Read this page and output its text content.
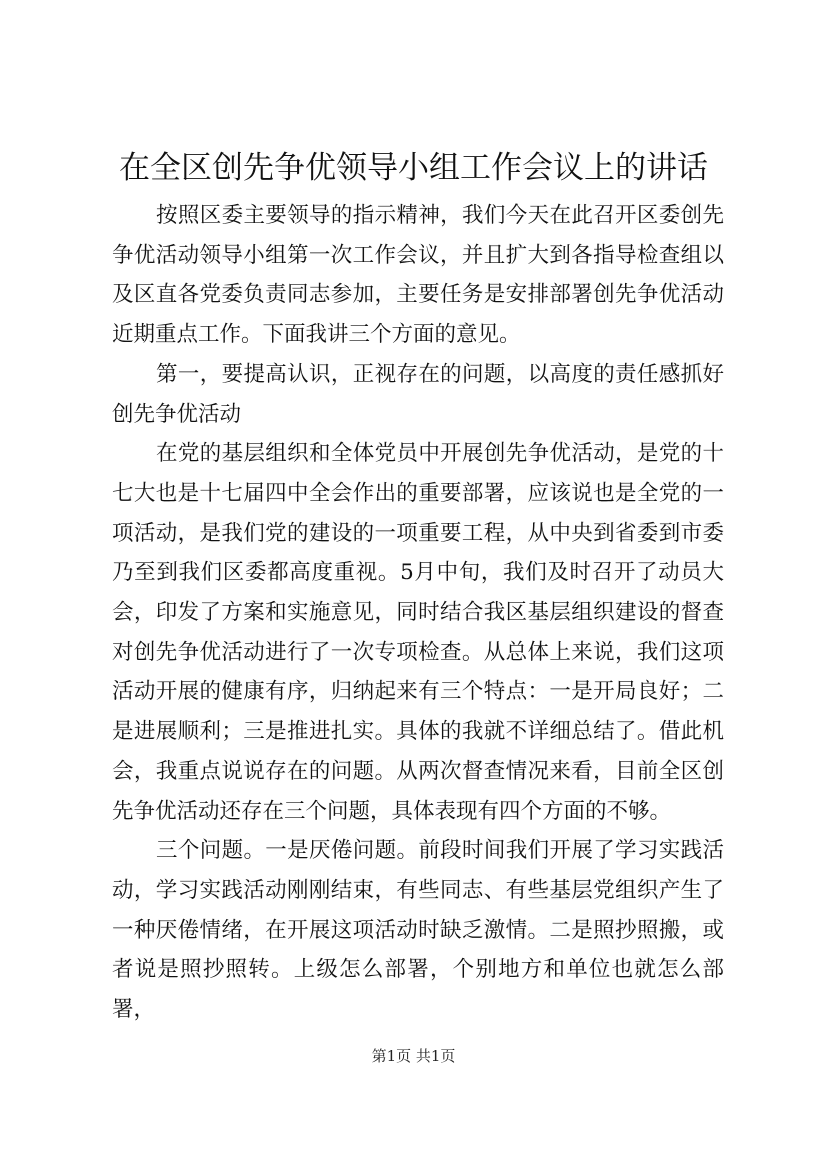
在全区创先争优领导小组工作会议上的讲话

按照区委主要领导的指示精神，我们今天在此召开区委创先争优活动领导小组第一次工作会议，并且扩大到各指导检查组以及区直各党委负责同志参加，主要任务是安排部署创先争优活动近期重点工作。下面我讲三个方面的意见。

第一，要提高认识，正视存在的问题，以高度的责任感抓好创先争优活动

在党的基层组织和全体党员中开展创先争优活动，是党的十七大也是十七届四中全会作出的重要部署，应该说也是全党的一项活动，是我们党的建设的一项重要工程，从中央到省委到市委乃至到我们区委都高度重视。5月中旬，我们及时召开了动员大会，印发了方案和实施意见，同时结合我区基层组织建设的督查对创先争优活动进行了一次专项检查。从总体上来说，我们这项活动开展的健康有序，归纳起来有三个特点：一是开局良好；二是进展顺利；三是推进扎实。具体的我就不详细总结了。借此机会，我重点说说存在的问题。从两次督查情况来看，目前全区创先争优活动还存在三个问题，具体表现有四个方面的不够。

三个问题。一是厌倦问题。前段时间我们开展了学习实践活动，学习实践活动刚刚结束，有些同志、有些基层党组织产生了一种厌倦情绪，在开展这项活动时缺乏激情。二是照抄照搬，或者说是照抄照转。上级怎么部署，个别地方和单位也就怎么部署，

第1页 共1页
